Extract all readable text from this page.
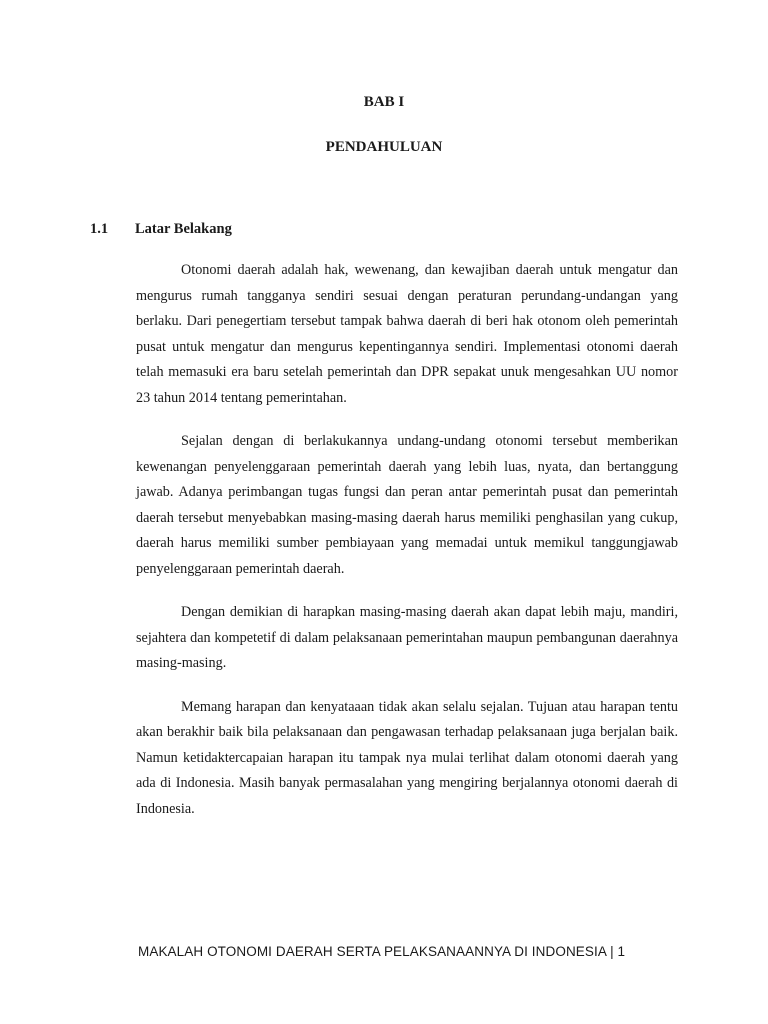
BAB I
PENDAHULUAN
1.1	Latar Belakang

Otonomi daerah adalah hak, wewenang, dan kewajiban daerah untuk mengatur dan mengurus rumah tangganya sendiri sesuai dengan peraturan perundang-undangan yang berlaku. Dari penegertiam tersebut tampak bahwa daerah di beri hak otonom oleh pemerintah pusat untuk mengatur dan mengurus kepentingannya sendiri. Implementasi otonomi daerah telah memasuki era baru setelah pemerintah dan DPR sepakat unuk mengesahkan UU nomor 23 tahun 2014 tentang pemerintahan.

Sejalan dengan di berlakukannya undang-undang otonomi tersebut memberikan kewenangan penyelenggaraan pemerintah daerah yang lebih luas, nyata, dan bertanggung jawab. Adanya perimbangan tugas fungsi dan peran antar pemerintah pusat dan pemerintah daerah tersebut menyebabkan masing-masing daerah harus memiliki penghasilan yang cukup, daerah harus memiliki sumber pembiayaan yang memadai untuk memikul tanggungjawab penyelenggaraan pemerintah daerah.

Dengan demikian di harapkan masing-masing daerah akan dapat lebih maju, mandiri, sejahtera dan kompetetif di dalam pelaksanaan pemerintahan maupun pembangunan daerahnya masing-masing.

Memang harapan dan kenyataaan tidak akan selalu sejalan. Tujuan atau harapan tentu akan berakhir baik bila pelaksanaan dan pengawasan terhadap pelaksanaan juga berjalan baik. Namun ketidaktercapaian harapan itu tampak nya mulai terlihat dalam otonomi daerah yang ada di Indonesia. Masih banyak permasalahan yang mengiring berjalannya otonomi daerah di Indonesia.

MAKALAH OTONOMI DAERAH SERTA PELAKSANAANNYA DI INDONESIA | 1
